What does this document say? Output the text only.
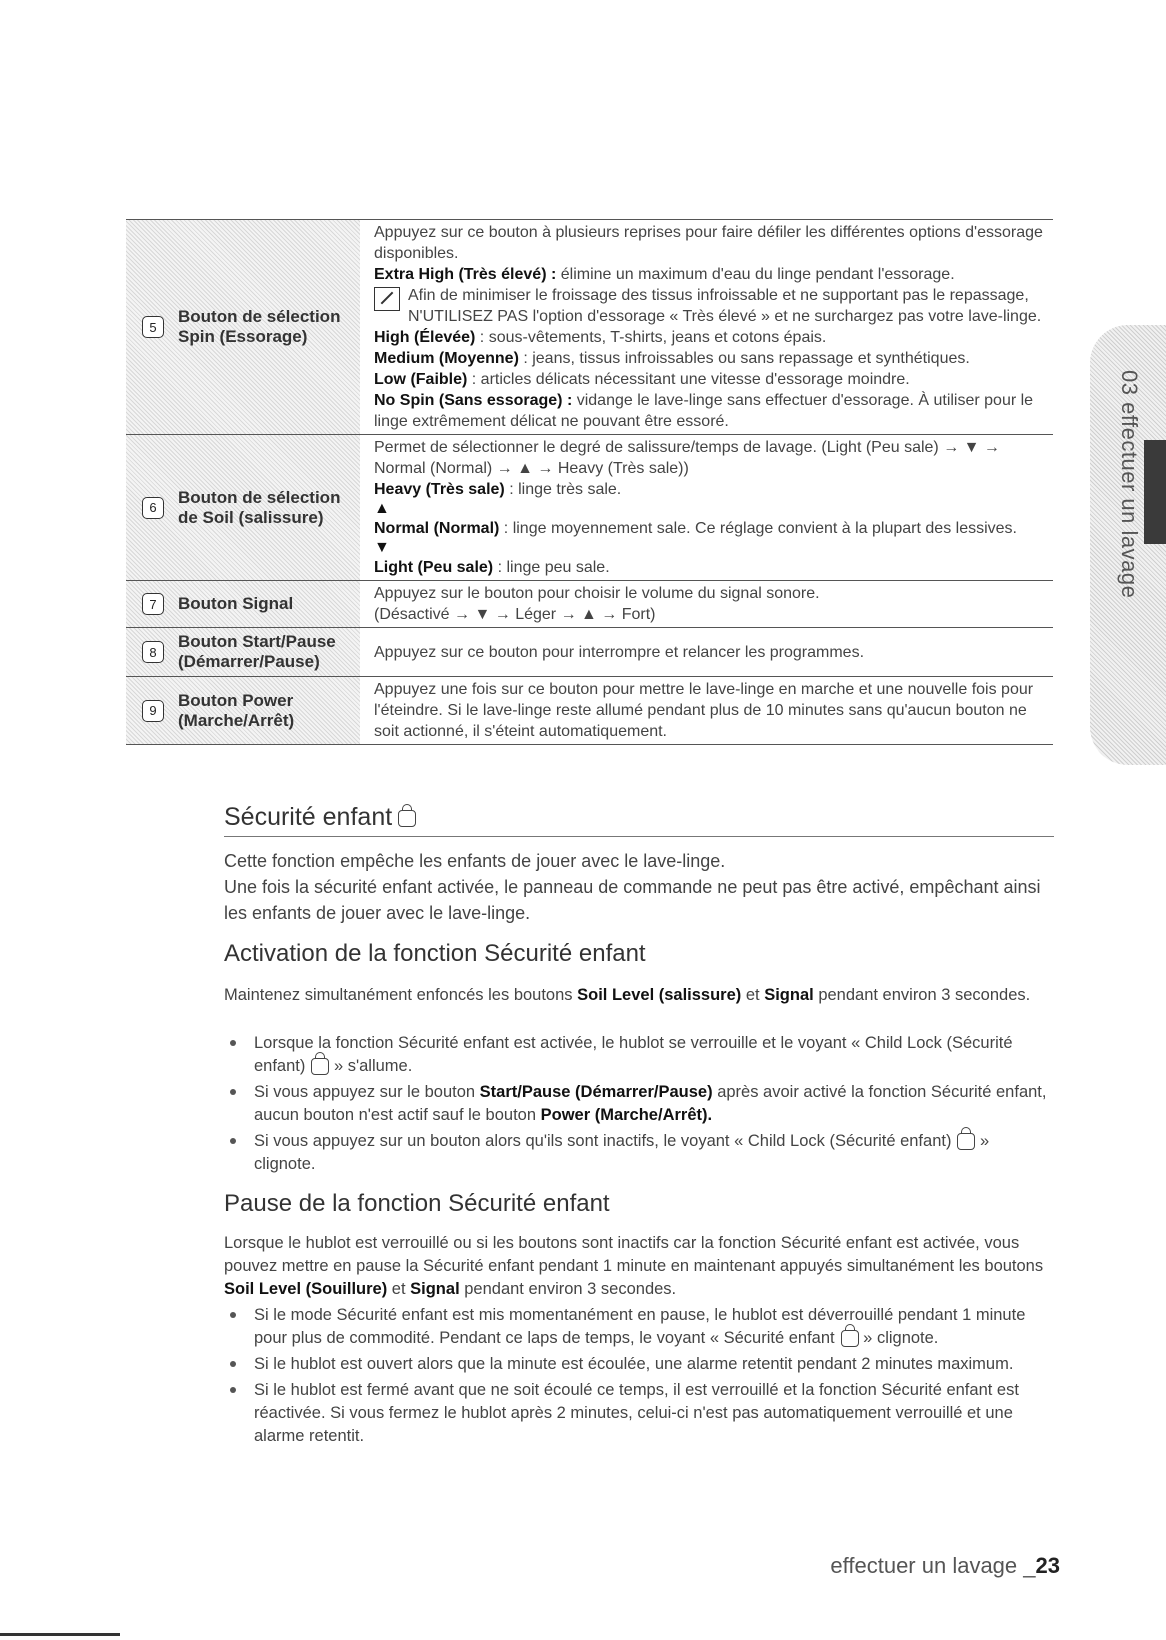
03 effectuer un lavage
5
Bouton de sélection
Spin (Essorage)
Appuyez sur ce bouton à plusieurs reprises pour faire défiler les différentes options d'essorage disponibles.
Extra High (Très élevé) : élimine un maximum d'eau du linge pendant l'essorage.
Afin de minimiser le froissage des tissus infroissable et ne supportant pas le repassage, N'UTILISEZ PAS l'option d'essorage « Très élevé » et ne surchargez pas votre lave-linge.
High (Élevée) : sous-vêtements, T-shirts, jeans et cotons épais.
Medium (Moyenne) : jeans, tissus infroissables ou sans repassage et synthétiques.
Low (Faible) : articles délicats nécessitant une vitesse d'essorage moindre.
No Spin (Sans essorage) : vidange le lave-linge sans effectuer d'essorage. À utiliser pour le linge extrêmement délicat ne pouvant être essoré.
6
Bouton de sélection
de Soil (salissure)
Permet de sélectionner le degré de salissure/temps de lavage. (Light (Peu sale) → ▼ → Normal (Normal) → ▲ → Heavy (Très sale))
Heavy (Très sale) : linge très sale.
▲
Normal (Normal) : linge moyennement sale. Ce réglage convient à la plupart des lessives.
▼
Light (Peu sale) : linge peu sale.
7	Bouton Signal
Appuyez sur le bouton pour choisir le volume du signal sonore.
(Désactivé → ▼ → Léger → ▲ → Fort)
8
Bouton Start/Pause
(Démarrer/Pause)	Appuyez sur ce bouton pour interrompre et relancer les programmes.
9
Bouton Power
(Marche/Arrêt)
Appuyez une fois sur ce bouton pour mettre le lave-linge en marche et une nouvelle fois pour l'éteindre. Si le lave-linge reste allumé pendant plus de 10 minutes sans qu'aucun bouton ne soit actionné, il s'éteint automatiquement.
Sécurité enfant
Cette fonction empêche les enfants de jouer avec le lave-linge.
Une fois la sécurité enfant activée, le panneau de commande ne peut pas être activé, empêchant ainsi les enfants de jouer avec le lave-linge.
Activation de la fonction Sécurité enfant
Maintenez simultanément enfoncés les boutons Soil Level (salissure) et Signal pendant environ 3 secondes.
Lorsque la fonction Sécurité enfant est activée, le hublot se verrouille et le voyant « Child Lock (Sécurité enfant) » s'allume.
Si vous appuyez sur le bouton Start/Pause (Démarrer/Pause) après avoir activé la fonction Sécurité enfant, aucun bouton n'est actif sauf le bouton Power (Marche/Arrêt).
Si vous appuyez sur un bouton alors qu'ils sont inactifs, le voyant « Child Lock (Sécurité enfant) » clignote.
Pause de la fonction Sécurité enfant
Lorsque le hublot est verrouillé ou si les boutons sont inactifs car la fonction Sécurité enfant est activée, vous pouvez mettre en pause la Sécurité enfant pendant 1 minute en maintenant appuyés simultanément les boutons Soil Level (Souillure) et Signal pendant environ 3 secondes.
Si le mode Sécurité enfant est mis momentanément en pause, le hublot est déverrouillé pendant 1 minute pour plus de commodité. Pendant ce laps de temps, le voyant « Sécurité enfant » clignote.
Si le hublot est ouvert alors que la minute est écoulée, une alarme retentit pendant 2 minutes maximum.
Si le hublot est fermé avant que ne soit écoulé ce temps, il est verrouillé et la fonction Sécurité enfant est réactivée. Si vous fermez le hublot après 2 minutes, celui-ci n'est pas automatiquement verrouillé et une alarme retentit.
effectuer un lavage _23
